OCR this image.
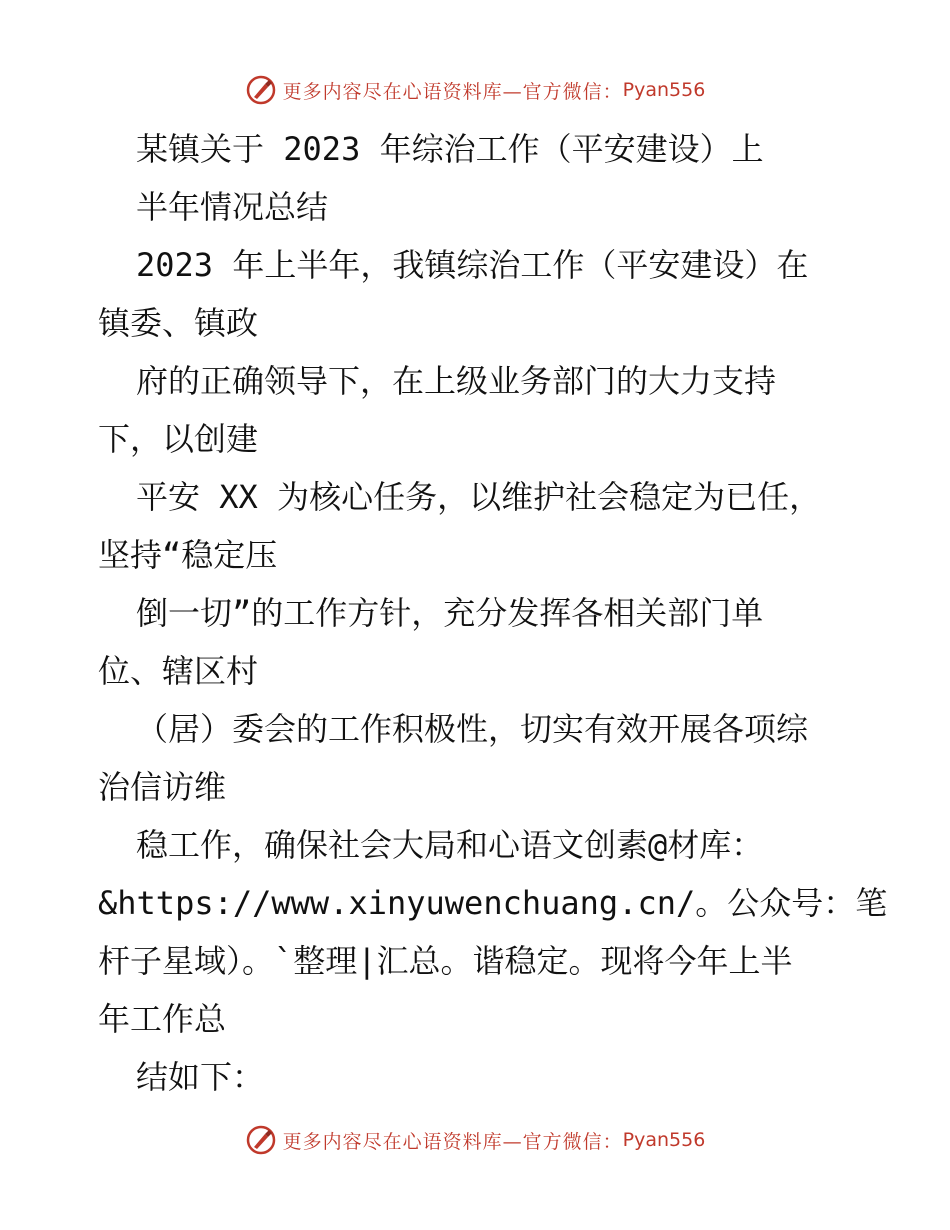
更多内容尽在心语资料库—官方微信： Pyan556
某镇关于 2023 年综治工作（平安建设）上
半年情况总结
2023 年上半年，我镇综治工作（平安建设）在
镇委、镇政
府的正确领导下，在上级业务部门的大力支持
下，以创建
平安 XX 为核心任务，以维护社会稳定为已任，
坚持“稳定压
倒一切”的工作方针，充分发挥各相关部门单
位、辖区村
（居）委会的工作积极性，切实有效开展各项综
治信访维
稳工作，确保社会大局和心语文创素@材库：
&https://www.xinyuwenchuang.cn/。公众号：笔
杆子星域）。`整理|汇总。谐稳定。现将今年上半
年工作总
结如下：
更多内容尽在心语资料库—官方微信： Pyan556
